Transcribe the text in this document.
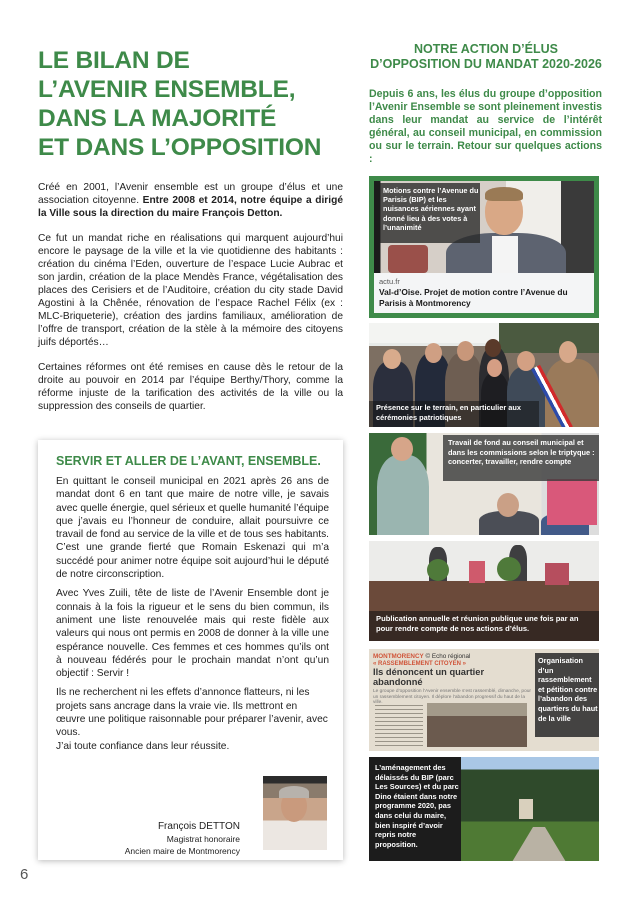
LE BILAN DE
L’AVENIR ENSEMBLE,
DANS LA MAJORITÉ
ET DANS L’OPPOSITION

Créé en 2001, l’Avenir ensemble est un groupe d’élus et une association citoyenne. Entre 2008 et 2014, notre équipe a dirigé la Ville sous la direction du maire François Detton.

Ce fut un mandat riche en réalisations qui marquent aujourd’hui encore le paysage de la ville et la vie quotidienne des habitants : création du cinéma l’Eden, ouverture de l’espace Lucie Aubrac et son jardin, création de la place Mendès France, végétalisation des places des Cerisiers et de l’Auditoire, création du city stade David Agostini à la Chênée, rénovation de l’espace Rachel Félix (ex : MLC-Briqueterie), création des jardins familiaux, amélioration de l’offre de transport, création de la stèle à la mémoire des citoyens juifs déportés…

Certaines réformes ont été remises en cause dès le retour de la droite au pouvoir en 2014 par l’équipe Berthy/Thory, comme la réforme injuste de la tarification des activités de la ville ou la suppression des conseils de quartier.

SERVIR ET ALLER DE L’AVANT, ENSEMBLE.

En quittant le conseil municipal en 2021 après 26 ans de mandat dont 6 en tant que maire de notre ville, je savais avec quelle énergie, quel sérieux et quelle humanité l’équipe que j’avais eu l’honneur de conduire, allait poursuivre ce travail de fond au service de la ville et de tous ses habitants. C’est une grande fierté que Romain Eskenazi qui m’a succédé pour animer notre équipe soit aujourd’hui le député de notre circonscription.

Avec Yves Zuili, tête de liste de l’Avenir Ensemble dont je connais à la fois la rigueur et le sens du bien commun, ils animent une liste renouvelée mais qui reste fidèle aux valeurs qui nous ont permis en 2008 de donner à la ville une espérance nouvelle. Ces femmes et ces hommes qu’ils ont à nouveau fédérés pour le prochain mandat n’ont qu’un objectif : Servir !

Ils ne recherchent ni les effets d’annonce flatteurs, ni les projets sans ancrage dans la vraie vie. Ils mettront en œuvre une politique raisonnable pour préparer l’avenir, avec vous.

J’ai toute confiance dans leur réussite.

François DETTON
Magistrat honoraire
Ancien maire de Montmorency
6
NOTRE ACTION D’ÉLUS D’OPPOSITION DU MANDAT 2020-2026

Depuis 6 ans, les élus du groupe d’opposition l’Avenir Ensemble se sont pleinement investis dans leur mandat au service de l’intérêt général, au conseil municipal, en commission ou sur le terrain. Retour sur quelques actions :

Motions contre l’Avenue du Parisis (BIP) et les nuisances aériennes ayant donné lieu à des votes à l’unanimité
actu.fr
Val-d’Oise. Projet de motion contre l’Avenue du Parisis à Montmorency
Présence sur le terrain, en particulier aux cérémonies patriotiques
Travail de fond au conseil municipal et dans les commissions selon le triptyque : concerter, travailler, rendre compte
Publication annuelle et réunion publique une fois par an pour rendre compte de nos actions d’élus.
MONTMORENCY © Echo régional
« RASSEMBLEMENT CITOYEN »
Ils dénoncent un quartier abandonné
Le groupe d’opposition l’Avenir ensemble s’est rassemblé, dimanche, pour un rassemblement citoyen. Il déplore l’abandon progressif du haut de la ville.
Organisation d’un rassemblement et pétition contre l’abandon des quartiers du haut de la ville
L’aménagement des délaissés du BIP (parc Les Sources) et du parc Dino étaient dans notre programme 2020, pas dans celui du maire, bien inspiré d’avoir repris notre proposition.
